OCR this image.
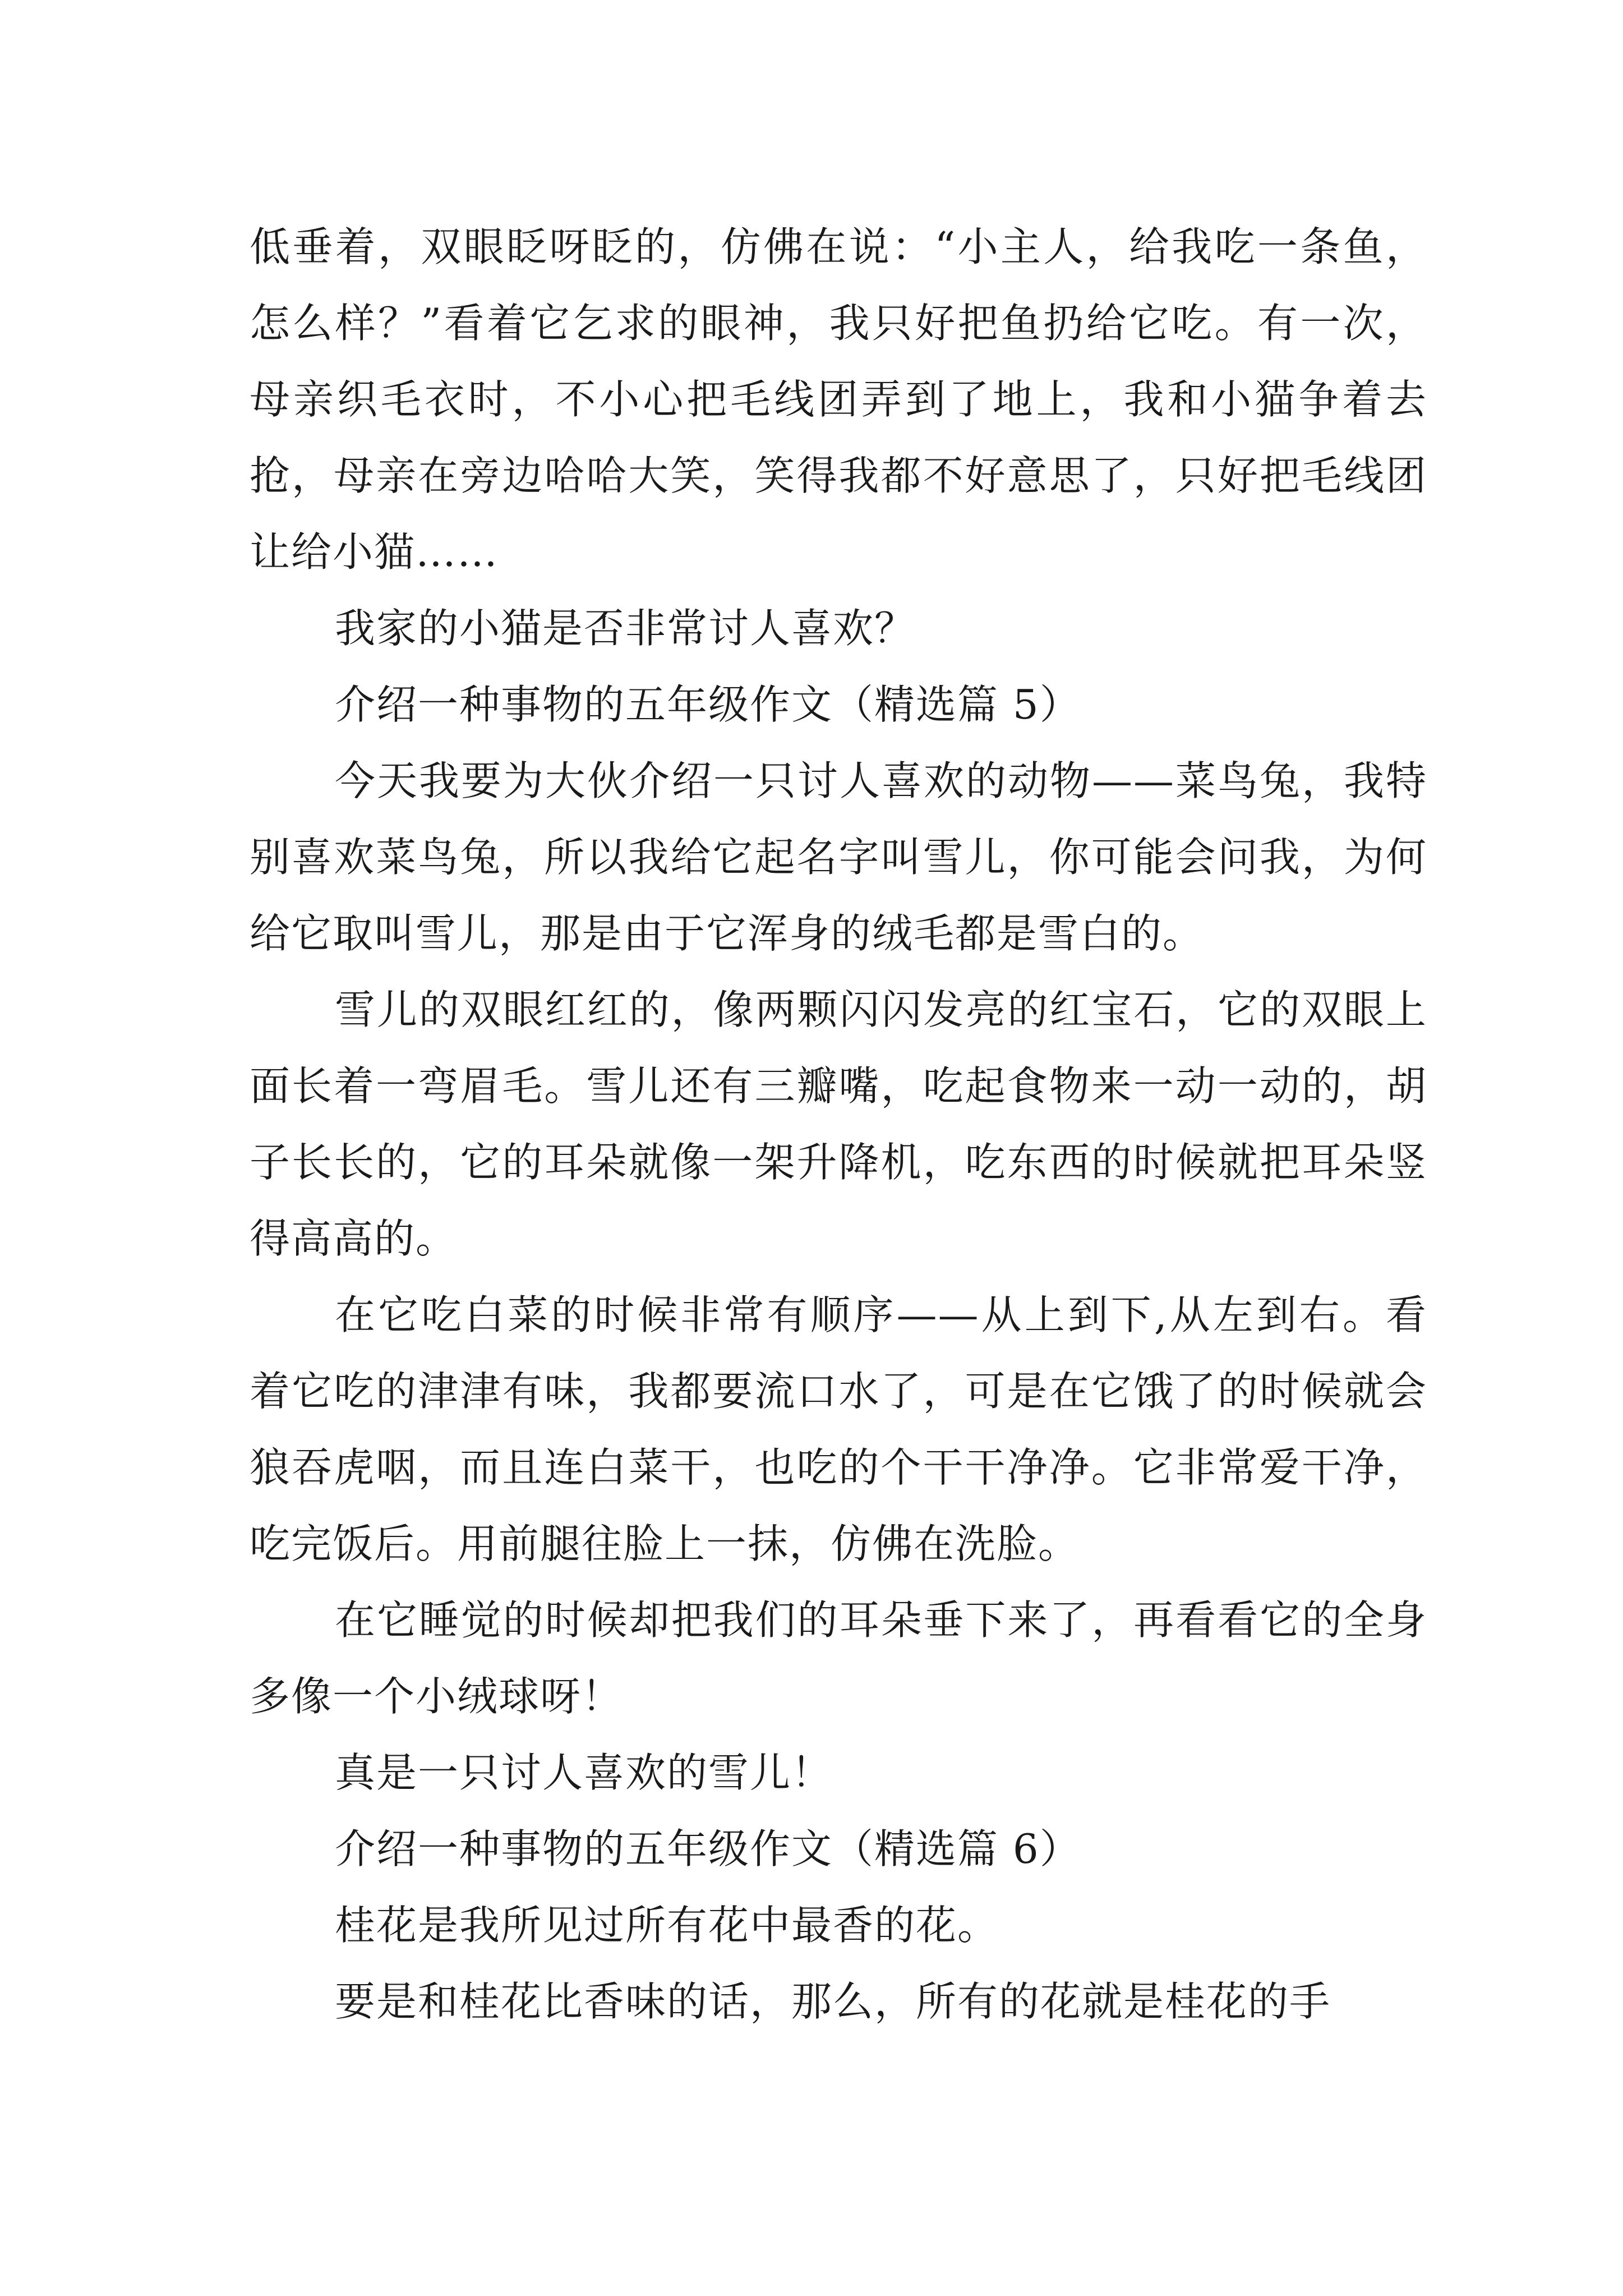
低垂着，双眼眨呀眨的，仿佛在说：“小主人，给我吃一条鱼，怎么样？”看着它乞求的眼神，我只好把鱼扔给它吃。有一次，母亲织毛衣时，不小心把毛线团弄到了地上，我和小猫争着去抢，母亲在旁边哈哈大笑，笑得我都不好意思了，只好把毛线团让给小猫……

我家的小猫是否非常讨人喜欢？

介绍一种事物的五年级作文（精选篇 5）

今天我要为大伙介绍一只讨人喜欢的动物——菜鸟兔，我特别喜欢菜鸟兔，所以我给它起名字叫雪儿，你可能会问我，为何给它取叫雪儿，那是由于它浑身的绒毛都是雪白的。

雪儿的双眼红红的，像两颗闪闪发亮的红宝石，它的双眼上面长着一弯眉毛。雪儿还有三瓣嘴，吃起食物来一动一动的，胡子长长的，它的耳朵就像一架升降机，吃东西的时候就把耳朵竖得高高的。

在它吃白菜的时候非常有顺序——从上到下,从左到右。看着它吃的津津有味，我都要流口水了，可是在它饿了的时候就会狼吞虎咽，而且连白菜干，也吃的个干干净净。它非常爱干净，吃完饭后。用前腿往脸上一抹，仿佛在洗脸。

在它睡觉的时候却把我们的耳朵垂下来了，再看看它的全身多像一个小绒球呀！

真是一只讨人喜欢的雪儿！

介绍一种事物的五年级作文（精选篇 6）

桂花是我所见过所有花中最香的花。

要是和桂花比香味的话，那么，所有的花就是桂花的手
